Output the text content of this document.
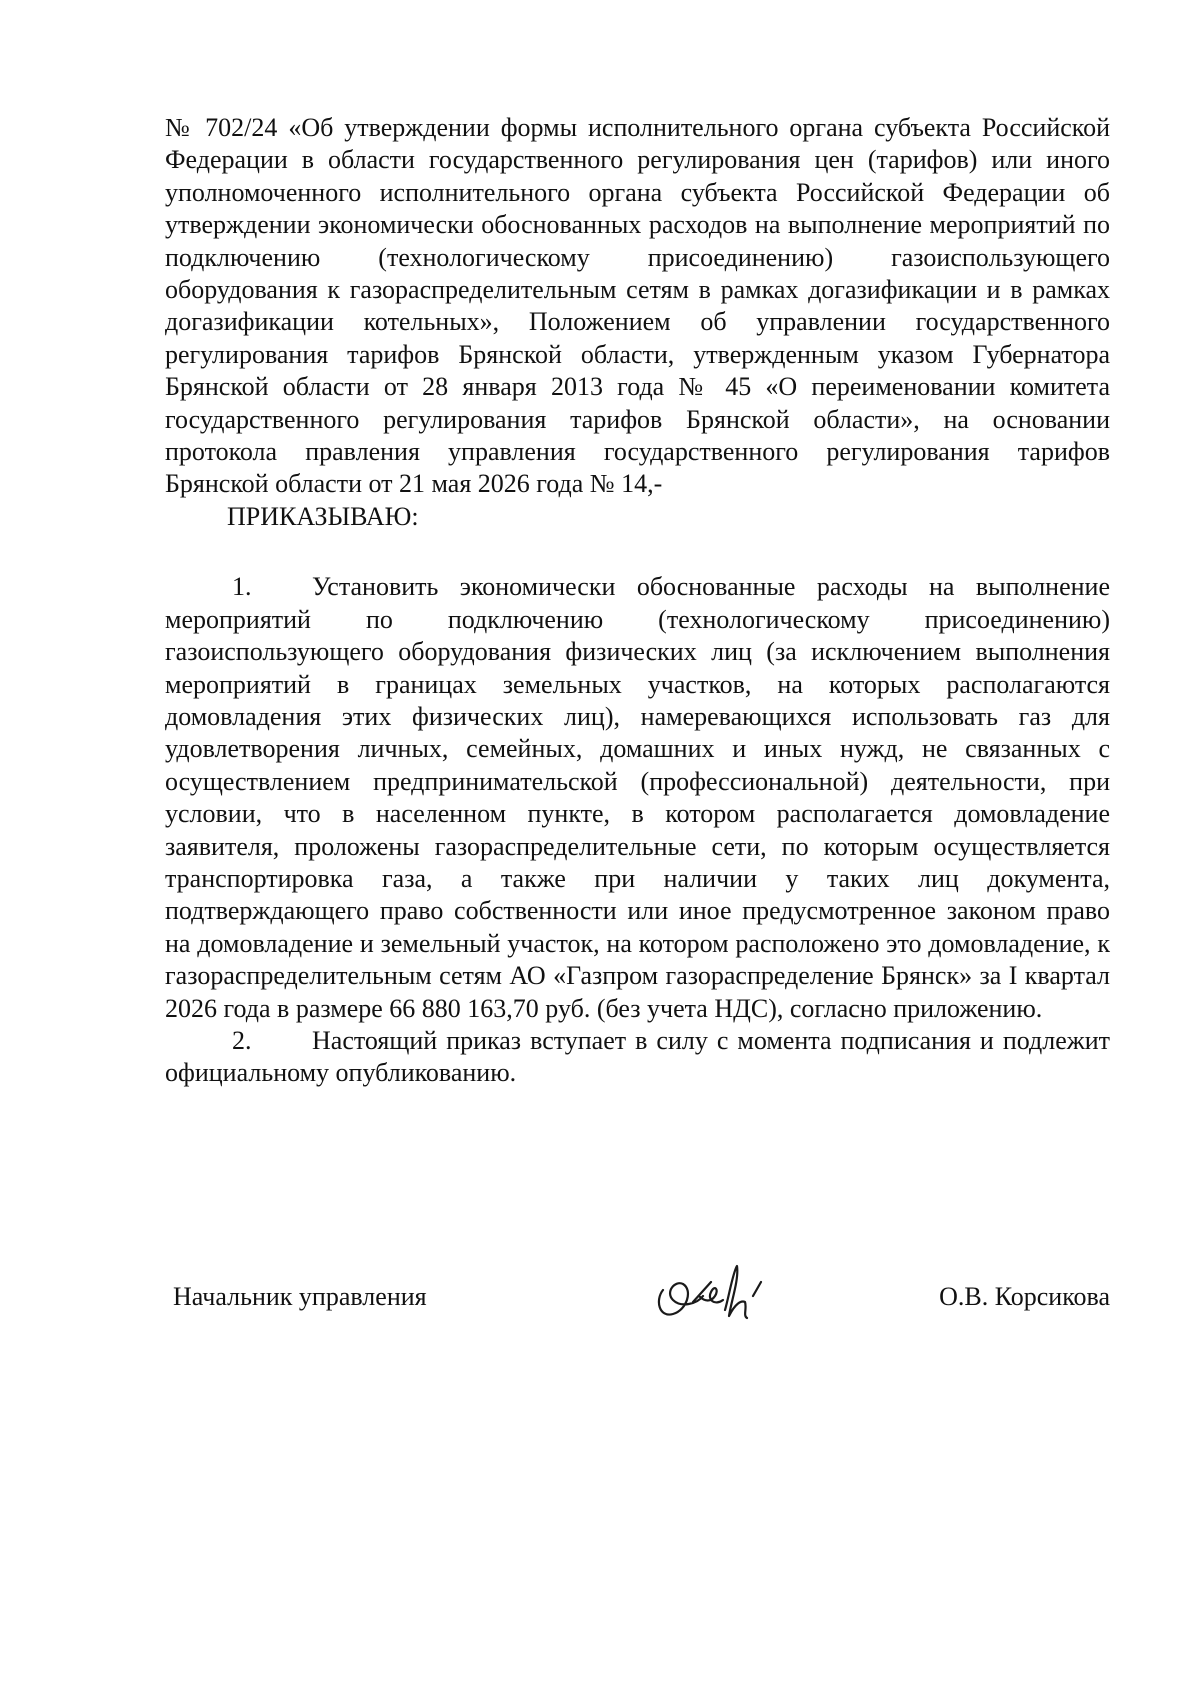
№ 702/24 «Об утверждении формы исполнительного органа субъекта Российской Федерации в области государственного регулирования цен (тарифов) или иного уполномоченного исполнительного органа субъекта Российской Федерации об утверждении экономически обоснованных расходов на выполнение мероприятий по подключению (технологическому присоединению) газоиспользующего оборудования к газораспределительным сетям в рамках догазификации и в рамках догазификации котельных», Положением об управлении государственного регулирования тарифов Брянской области, утвержденным указом Губернатора Брянской области от 28 января 2013 года № 45 «О переименовании комитета государственного регулирования тарифов Брянской области», на основании протокола правления управления государственного регулирования тарифов Брянской области от 21 мая 2026 года № 14,-

ПРИКАЗЫВАЮ:

1. Установить экономически обоснованные расходы на выполнение мероприятий по подключению (технологическому присоединению) газоиспользующего оборудования физических лиц (за исключением выполнения мероприятий в границах земельных участков, на которых располагаются домовладения этих физических лиц), намеревающихся использовать газ для удовлетворения личных, семейных, домашних и иных нужд, не связанных с осуществлением предпринимательской (профессиональной) деятельности, при условии, что в населенном пункте, в котором располагается домовладение заявителя, проложены газораспределительные сети, по которым осуществляется транспортировка газа, а также при наличии у таких лиц документа, подтверждающего право собственности или иное предусмотренное законом право на домовладение и земельный участок, на котором расположено это домовладение, к газораспределительным сетям АО «Газпром газораспределение Брянск» за I квартал 2026 года в размере 66 880 163,70 руб. (без учета НДС), согласно приложению.

2. Настоящий приказ вступает в силу с момента подписания и подлежит официальному опубликованию.

Начальник управления	О.В. Корсикова
